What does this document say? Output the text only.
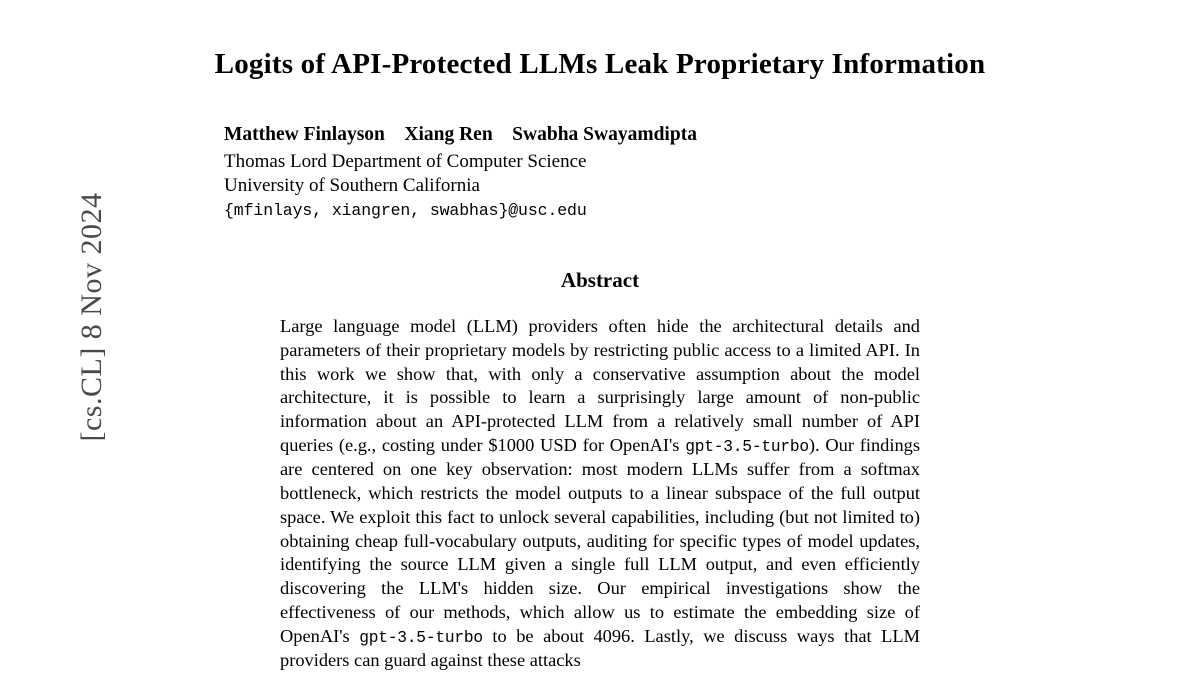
[cs.CL] 8 Nov 2024
Logits of API-Protected LLMs Leak Proprietary Information
Matthew Finlayson    Xiang Ren    Swabha Swayamdipta
Thomas Lord Department of Computer Science
University of Southern California
{mfinlays, xiangren, swabhas}@usc.edu
Abstract
Large language model (LLM) providers often hide the architectural details and parameters of their proprietary models by restricting public access to a limited API. In this work we show that, with only a conservative assumption about the model architecture, it is possible to learn a surprisingly large amount of non-public information about an API-protected LLM from a relatively small number of API queries (e.g., costing under $1000 USD for OpenAI's gpt-3.5-turbo). Our findings are centered on one key observation: most modern LLMs suffer from a softmax bottleneck, which restricts the model outputs to a linear subspace of the full output space. We exploit this fact to unlock several capabilities, including (but not limited to) obtaining cheap full-vocabulary outputs, auditing for specific types of model updates, identifying the source LLM given a single full LLM output, and even efficiently discovering the LLM's hidden size. Our empirical investigations show the effectiveness of our methods, which allow us to estimate the embedding size of OpenAI's gpt-3.5-turbo to be about 4096. Lastly, we discuss ways that LLM providers can guard against these attacks
